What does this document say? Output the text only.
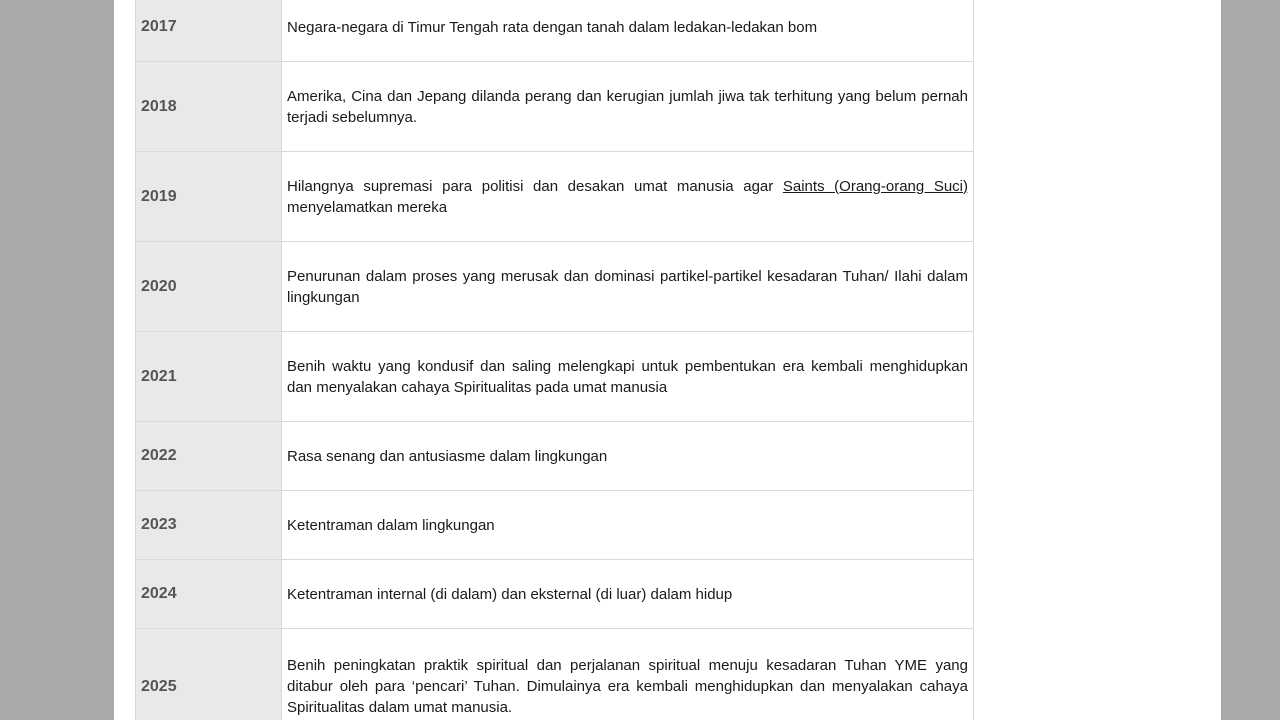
2017	Negara-negara di Timur Tengah rata dengan tanah dalam ledakan-ledakan bom
2018	Amerika, Cina dan Jepang dilanda perang dan kerugian jumlah jiwa tak terhitung yang belum pernah terjadi sebelumnya.
2019	Hilangnya supremasi para politisi dan desakan umat manusia agar Saints (Orang-orang Suci) menyelamatkan mereka
2020	Penurunan dalam proses yang merusak dan dominasi partikel-partikel kesadaran Tuhan/ Ilahi dalam lingkungan
2021	Benih waktu yang kondusif dan saling melengkapi untuk pembentukan era kembali menghidupkan dan menyalakan cahaya Spiritualitas pada umat manusia
2022	Rasa senang dan antusiasme dalam lingkungan
2023	Ketentraman dalam lingkungan
2024	Ketentraman internal (di dalam) dan eksternal (di luar) dalam hidup
2025	Benih peningkatan praktik spiritual dan perjalanan spiritual menuju kesadaran Tuhan YME yang ditabur oleh para ‘pencari’ Tuhan. Dimulainya era kembali menghidupkan dan menyalakan cahaya Spiritualitas dalam umat manusia.
